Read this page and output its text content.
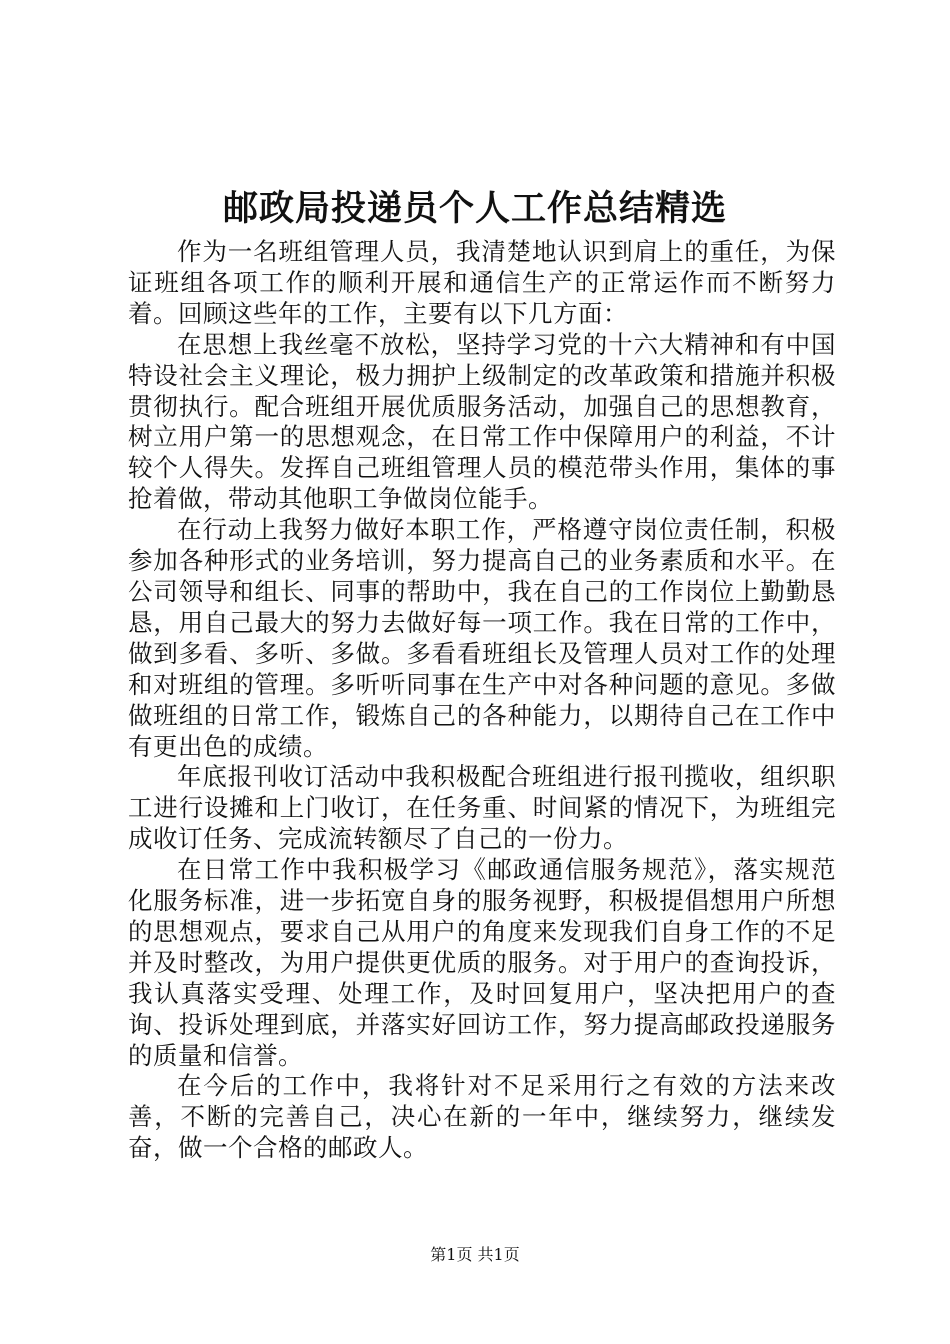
邮政局投递员个人工作总结精选

作为一名班组管理人员，我清楚地认识到肩上的重任，为保证班组各项工作的顺利开展和通信生产的正常运作而不断努力着。回顾这些年的工作，主要有以下几方面：

在思想上我丝毫不放松，坚持学习党的十六大精神和有中国特设社会主义理论，极力拥护上级制定的改革政策和措施并积极贯彻执行。配合班组开展优质服务活动，加强自己的思想教育，树立用户第一的思想观念，在日常工作中保障用户的利益，不计较个人得失。发挥自己班组管理人员的模范带头作用，集体的事抢着做，带动其他职工争做岗位能手。

在行动上我努力做好本职工作，严格遵守岗位责任制，积极参加各种形式的业务培训，努力提高自己的业务素质和水平。在公司领导和组长、同事的帮助中，我在自己的工作岗位上勤勤恳恳，用自己最大的努力去做好每一项工作。我在日常的工作中，做到多看、多听、多做。多看看班组长及管理人员对工作的处理和对班组的管理。多听听同事在生产中对各种问题的意见。多做做班组的日常工作，锻炼自己的各种能力，以期待自己在工作中有更出色的成绩。

年底报刊收订活动中我积极配合班组进行报刊揽收，组织职工进行设摊和上门收订，在任务重、时间紧的情况下，为班组完成收订任务、完成流转额尽了自己的一份力。

在日常工作中我积极学习《邮政通信服务规范》，落实规范化服务标准，进一步拓宽自身的服务视野，积极提倡想用户所想的思想观点，要求自己从用户的角度来发现我们自身工作的不足并及时整改，为用户提供更优质的服务。对于用户的查询投诉，我认真落实受理、处理工作，及时回复用户，坚决把用户的查询、投诉处理到底，并落实好回访工作，努力提高邮政投递服务的质量和信誉。

在今后的工作中，我将针对不足采用行之有效的方法来改善，不断的完善自己，决心在新的一年中，继续努力，继续发奋，做一个合格的邮政人。

第1页 共1页
